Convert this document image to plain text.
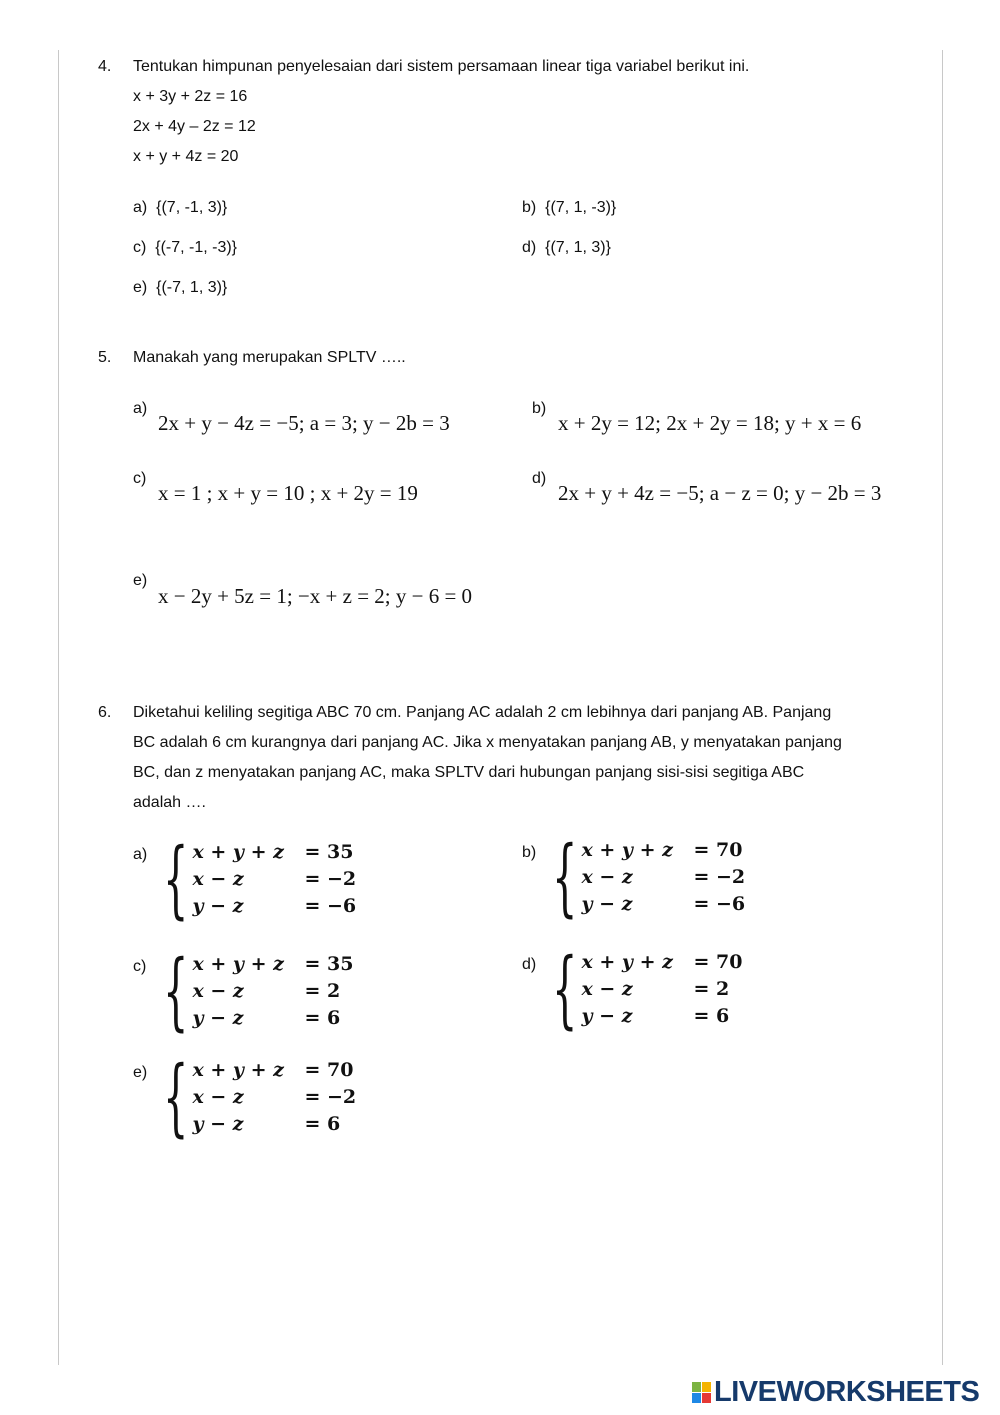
4. Tentukan himpunan penyelesaian dari sistem persamaan linear tiga variabel berikut ini.
x + 3y + 2z = 16
2x + 4y – 2z = 12
x + y + 4z = 20
a) {(7, -1, 3)}	b) {(7, 1, -3)}
c) {(-7, -1, -3)}	d) {(7, 1, 3)}
e) {(-7, 1, 3)}
5. Manakah yang merupakan SPLTV …..
a)
2x + y − 4z = −5; a = 3; y − 2b = 3
b)
x + 2y = 12; 2x + 2y = 18; y + x = 6
c)
x = 1 ; x + y = 10 ; x + 2y = 19
d)
2x + y + 4z = −5; a − z = 0; y − 2b = 3
e)
x − 2y + 5z = 1; −x + z = 2; y − 6 = 0
6. Diketahui keliling segitiga ABC 70 cm. Panjang AC adalah 2 cm lebihnya dari panjang AB. Panjang
BC adalah 6 cm kurangnya dari panjang AC. Jika x menyatakan panjang AB, y menyatakan panjang
BC, dan z menyatakan panjang AC, maka SPLTV dari hubungan panjang sisi-sisi segitiga ABC
adalah ….
a) { x + y + z	= 35
x − z	= −2
y − z	= −6
b) { x + y + z	= 70
x − z	= −2
y − z	= −6
c) { x + y + z	= 35
x − z	= 2
y − z	= 6
d) { x + y + z	= 70
x − z	= 2
y − z	= 6
e) { x + y + z	= 70
x − z	= −2
y − z	= 6
LIVEWORKSHEETS
